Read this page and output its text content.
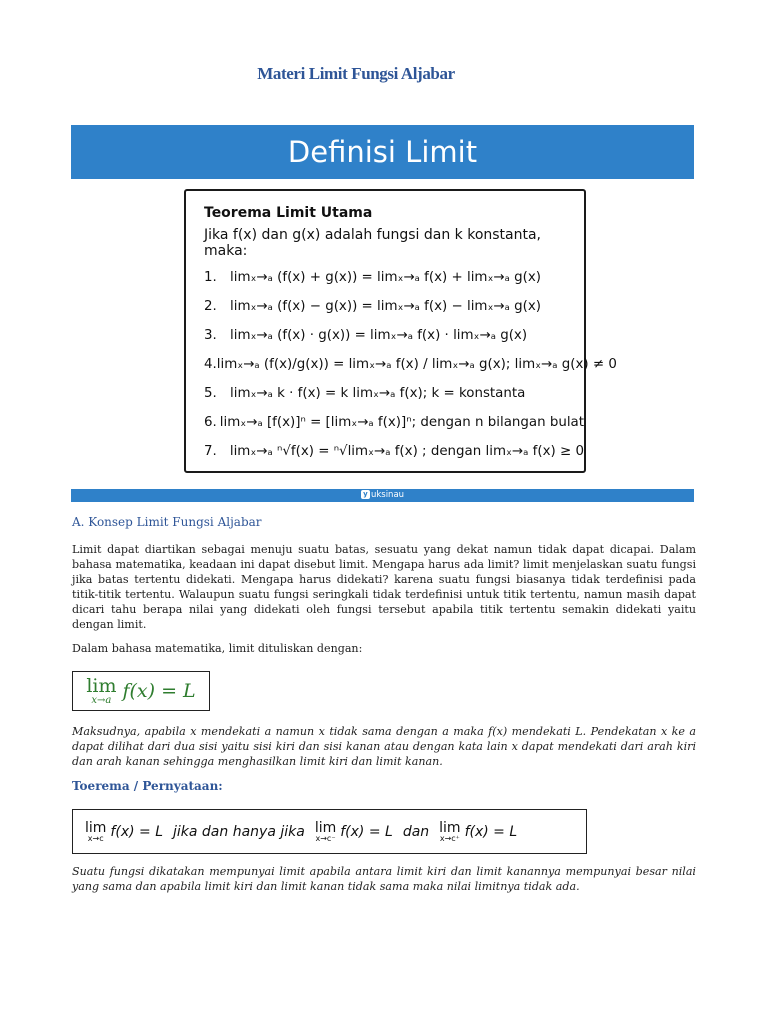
Materi Limit Fungsi Aljabar
Definisi Limit
Teorema Limit Utama
Jika f(x) dan g(x) adalah fungsi dan k konstanta, maka:
1. limₓ→ₐ (f(x) + g(x)) = limₓ→ₐ f(x) + limₓ→ₐ g(x)
2. limₓ→ₐ (f(x) − g(x)) = limₓ→ₐ f(x) − limₓ→ₐ g(x)
3. limₓ→ₐ (f(x) · g(x)) = limₓ→ₐ f(x) · limₓ→ₐ g(x)
4. limₓ→ₐ (f(x)/g(x)) = limₓ→ₐ f(x) / limₓ→ₐ g(x); limₓ→ₐ g(x) ≠ 0
5. limₓ→ₐ k · f(x) = k limₓ→ₐ f(x); k = konstanta
6. limₓ→ₐ [f(x)]ⁿ = [limₓ→ₐ f(x)]ⁿ; dengan n bilangan bulat
7. limₓ→ₐ ⁿ√f(x) = ⁿ√limₓ→ₐ f(x) ; dengan limₓ→ₐ f(x) ≥ 0
y uksinau
A. Konsep Limit Fungsi Aljabar
Limit dapat diartikan sebagai menuju suatu batas, sesuatu yang dekat namun tidak dapat dicapai. Dalam bahasa matematika, keadaan ini dapat disebut limit. Mengapa harus ada limit? limit menjelaskan suatu fungsi jika batas tertentu didekati. Mengapa harus didekati? karena suatu fungsi biasanya tidak terdefinisi pada titik-titik tertentu. Walaupun suatu fungsi seringkali tidak terdefinisi untuk titik tertentu, namun masih dapat dicari tahu berapa nilai yang didekati oleh fungsi tersebut apabila titik tertentu semakin didekati yaitu dengan limit.
Dalam bahasa matematika, limit dituliskan dengan:
lim
x→a f(x) = L
Maksudnya, apabila x mendekati a namun x tidak sama dengan a maka f(x) mendekati L. Pendekatan x ke a dapat dilihat dari dua sisi yaitu sisi kiri dan sisi kanan atau dengan kata lain x dapat mendekati dari arah kiri dan arah kanan sehingga menghasilkan limit kiri dan limit kanan.
Toerema / Pernyataan:
lim
x→c f(x) = L jika dan hanya jika lim
x→c⁻ f(x) = L dan lim
x→c⁺ f(x) = L
Suatu fungsi dikatakan mempunyai limit apabila antara limit kiri dan limit kanannya mempunyai besar nilai yang sama dan apabila limit kiri dan limit kanan tidak sama maka nilai limitnya tidak ada.
